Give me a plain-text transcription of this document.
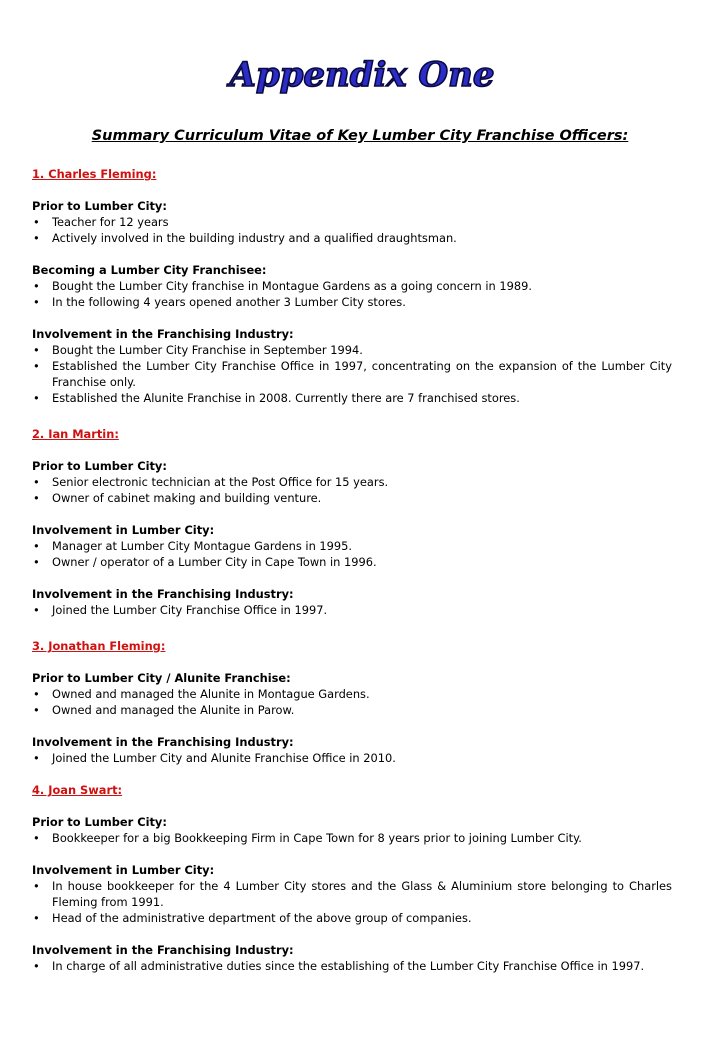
Appendix One
Summary Curriculum Vitae of Key Lumber City Franchise Officers:

1. Charles Fleming:

Prior to Lumber City:

• Teacher for 12 years
• Actively involved in the building industry and a qualified draughtsman.

Becoming a Lumber City Franchisee:

• Bought the Lumber City franchise in Montague Gardens as a going concern in 1989.
• In the following 4 years opened another 3 Lumber City stores.

Involvement in the Franchising Industry:

• Bought the Lumber City Franchise in September 1994.
• Established the Lumber City Franchise Office in 1997, concentrating on the expansion of the Lumber City Franchise only.
• Established the Alunite Franchise in 2008. Currently there are 7 franchised stores.

2. Ian Martin:

Prior to Lumber City:

• Senior electronic technician at the Post Office for 15 years.
• Owner of cabinet making and building venture.

Involvement in Lumber City:

• Manager at Lumber City Montague Gardens in 1995.
• Owner / operator of a Lumber City in Cape Town in 1996.

Involvement in the Franchising Industry:

• Joined the Lumber City Franchise Office in 1997.

3. Jonathan Fleming:

Prior to Lumber City / Alunite Franchise:

• Owned and managed the Alunite in Montague Gardens.
• Owned and managed the Alunite in Parow.

Involvement in the Franchising Industry:

• Joined the Lumber City and Alunite Franchise Office in 2010.

4. Joan Swart:

Prior to Lumber City:

• Bookkeeper for a big Bookkeeping Firm in Cape Town for 8 years prior to joining Lumber City.

Involvement in Lumber City:

• In house bookkeeper for the 4 Lumber City stores and the Glass & Aluminium store belonging to Charles Fleming from 1991.
• Head of the administrative department of the above group of companies.

Involvement in the Franchising Industry:

• In charge of all administrative duties since the establishing of the Lumber City Franchise Office in 1997.
